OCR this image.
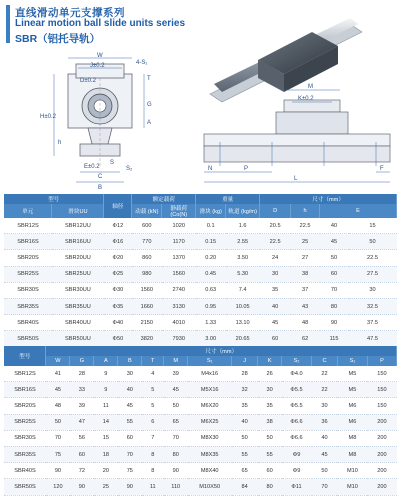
直线滑动单元支撑系列
Linear motion ball slide units series
SBR（铝托导轨）
W
J±0.2	4-S₁
D±0.2	T
H±0.2
G
A
h
S
S₂
E±0.2
C
B
M
K±0.2
N	P	F
L
型号		轴径	额定载荷		重量		尺寸（mm）			
单元	滑块UU		动载 (kN)	静载荷 (Co(N)	滑块 (kg)	轨道 (kg/m)	D	h	E	
SBR12S	SBR12UU	Φ12	600	1020	0.1	1.6	20.5	22.5	40	15
SBR16S	SBR16UU	Φ16	770	1170	0.15	2.55	22.5	25	45	50
SBR20S	SBR20UU	Φ20	860	1370	0.20	3.50	24	27	50	22.5
SBR25S	SBR25UU	Φ25	980	1560	0.45	5.30	30	38	60	27.5
SBR30S	SBR30UU	Φ30	1560	2740	0.63	7.4	35	37	70	30
SBR35S	SBR35UU	Φ35	1660	3130	0.95	10.05	40	43	80	32.5
SBR40S	SBR40UU	Φ40	2150	4010	1.33	13.10	45	48	90	37.5
SBR50S	SBR50UU	Φ50	3820	7930	3.00	20.65	60	62	115	47.5
型号	尺寸（mm）												
	W	G	A	B	T	M	S₁	J	K	S₂	C	S₁	P
SBR12S	41	28	9	30	4	39	M4x16	28	26	Φ4.0	22	M5	150
SBR16S	45	33	9	40	5	45	M5X16	32	30	Φ5.5	22	M5	150
SBR20S	48	39	11	45	5	50	M6X20	35	35	Φ5.5	30	M6	150
SBR25S	50	47	14	55	6	65	M6X25	40	38	Φ6.6	36	M6	200
SBR30S	70	56	15	60	7	70	M8X30	50	50	Φ6.6	40	M8	200
SBR35S	75	60	18	70	8	80	M8X35	55	55	Φ9	45	M8	200
SBR40S	90	72	20	75	8	90	M8X40	65	60	Φ9	50	M10	200
SBR50S	120	90	25	90	11	110	M10X50	84	80	Φ11	70	M10	200
